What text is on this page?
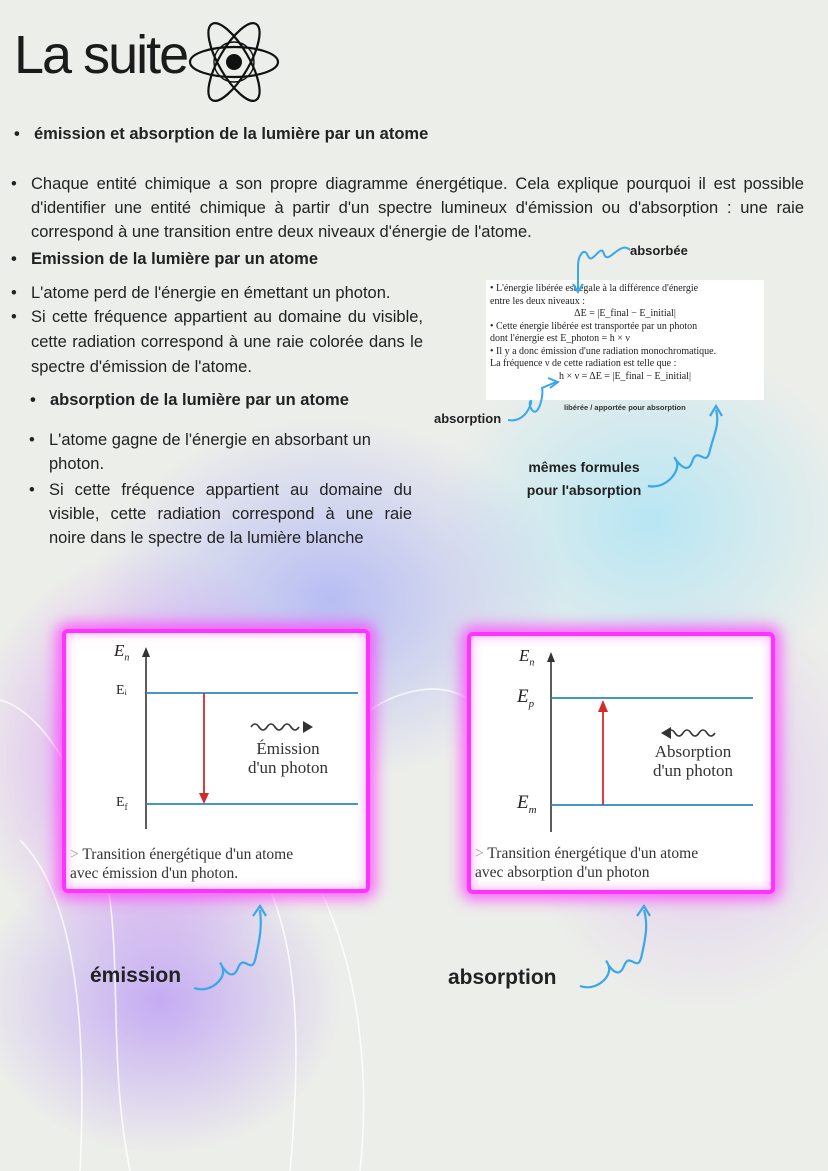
La suite
• émission et absorption de la lumière par un atome
• Chaque entité chimique a son propre diagramme énergétique. Cela explique pourquoi il est possible d'identifier une entité chimique à partir d'un spectre lumineux d'émission ou d'absorption : une raie correspond à une transition entre deux niveaux d'énergie de l'atome.
• Emission de la lumière par un atome
• L'atome perd de l'énergie en émettant un photon.
• Si cette fréquence appartient au domaine du visible, cette radiation correspond à une raie colorée dans le spectre d'émission de l'atome.
• absorption de la lumière par un atome
• L'atome gagne de l'énergie en absorbant un photon.
• Si cette fréquence appartient au domaine du visible, cette radiation correspond à une raie noire dans le spectre de la lumière blanche
• L'énergie libérée est égale à la différence d'énergie
entre les deux niveaux :
ΔE = |E_final − E_initial|
• Cette énergie libérée est transportée par un photon
dont l'énergie est E_photon = h × ν
• Il y a donc émission d'une radiation monochromatique.
La fréquence ν de cette radiation est telle que :
h × ν = ΔE = |E_final − E_initial|
libérée / apportée pour absorption
absorbée
absorption
mêmes formules
pour l'absorption
$E_n$
Eᵢ
$E_f$
Émission
d'un photon
> Transition énergétique d'un atome
avec émission d'un photon.
$E_n$
$E_p$
$E_m$
Absorption
d'un photon
> Transition énergétique d'un atome
avec absorption d'un photon
émission	absorption
